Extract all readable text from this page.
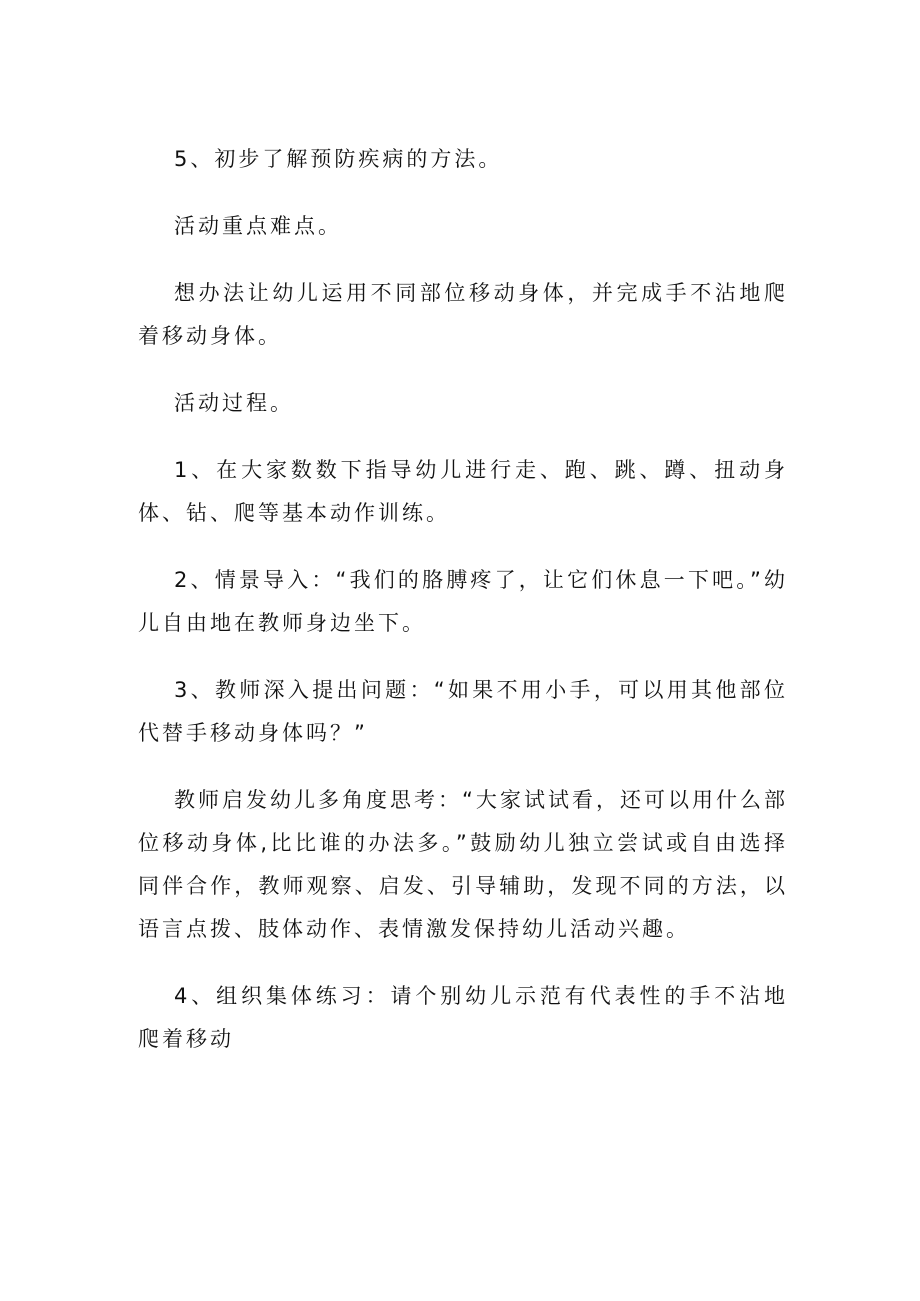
5、初步了解预防疾病的方法。

活动重点难点。

想办法让幼儿运用不同部位移动身体，并完成手不沾地爬着移动身体。

活动过程。

1、在大家数数下指导幼儿进行走、跑、跳、蹲、扭动身体、钻、爬等基本动作训练。

2、情景导入：“我们的胳膊疼了，让它们休息一下吧。”幼儿自由地在教师身边坐下。

3、教师深入提出问题：“如果不用小手，可以用其他部位代替手移动身体吗？”

教师启发幼儿多角度思考：“大家试试看，还可以用什么部位移动身体,比比谁的办法多。”鼓励幼儿独立尝试或自由选择同伴合作，教师观察、启发、引导辅助，发现不同的方法，以语言点拨、肢体动作、表情激发保持幼儿活动兴趣。

4、组织集体练习：请个别幼儿示范有代表性的手不沾地爬着移动
